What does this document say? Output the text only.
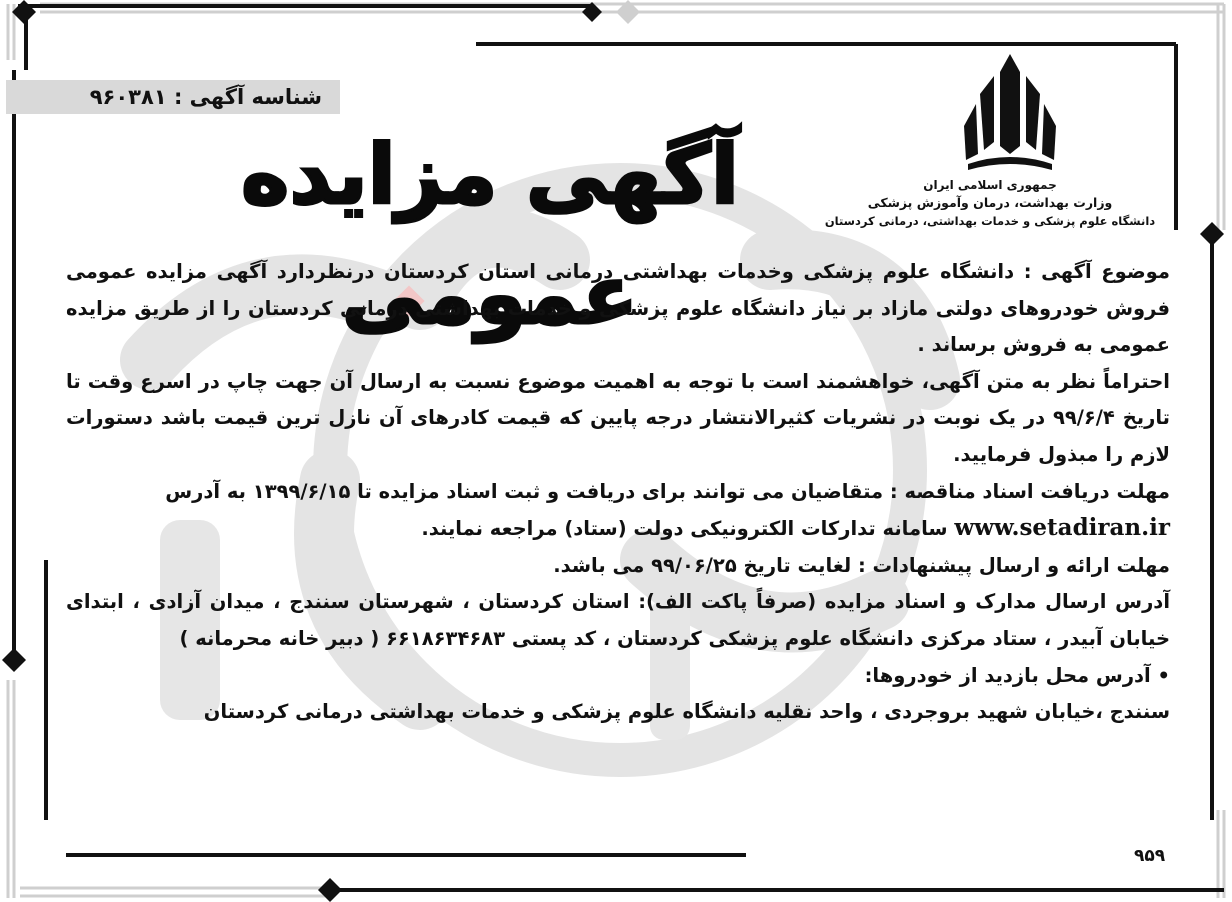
شناسه آگهی : ۹۶۰۳۸۱
جمهوری اسلامی ایران
وزارت بهداشت، درمان وآموزش پزشکی
دانشگاه علوم پزشکی و خدمات بهداشتی، درمانی کردستان
آگهی مزایده عمومی

موضوع آگهی : دانشگاه علوم پزشکی وخدمات بهداشتی درمانی استان کردستان درنظردارد آگهی مزایده عمومی فروش خودروهای دولتی مازاد بر نیاز دانشگاه علوم پزشکی و خدمات بهداشتی درمانی کردستان را از طریق مزایده عمومی به فروش برساند .

احتراماً نظر به متن آگهی، خواهشمند است با توجه به اهمیت موضوع نسبت به ارسال آن جهت چاپ در اسرع وقت تا تاریخ ۹۹/۶/۴ در یک نوبت در نشریات کثیرالانتشار درجه پایین که قیمت کادرهای آن نازل ترین قیمت باشد دستورات لازم را مبذول فرمایید.

مهلت دریافت اسناد مناقصه : متقاضیان می توانند برای دریافت و ثبت اسناد مزایده تا ۱۳۹۹/۶/۱۵ به آدرس

www.setadiran.ir سامانه تدارکات الکترونیکی دولت (ستاد) مراجعه نمایند.

مهلت ارائه و ارسال پیشنهادات : لغایت تاریخ ۹۹/۰۶/۲۵ می باشد.

آدرس ارسال مدارک و اسناد مزایده (صرفاً پاکت الف): استان کردستان ، شهرستان سنندج ، میدان آزادی ، ابتدای خیابان آبیدر ، ستاد مرکزی دانشگاه علوم پزشکی کردستان ، کد پستی ۶۶۱۸۶۳۴۶۸۳ ( دبیر خانه محرمانه )

• آدرس محل بازدید از خودروها:

سنندج ،خیابان شهید بروجردی ، واحد نقلیه دانشگاه علوم پزشکی و خدمات بهداشتی درمانی کردستان

۹۵۹
